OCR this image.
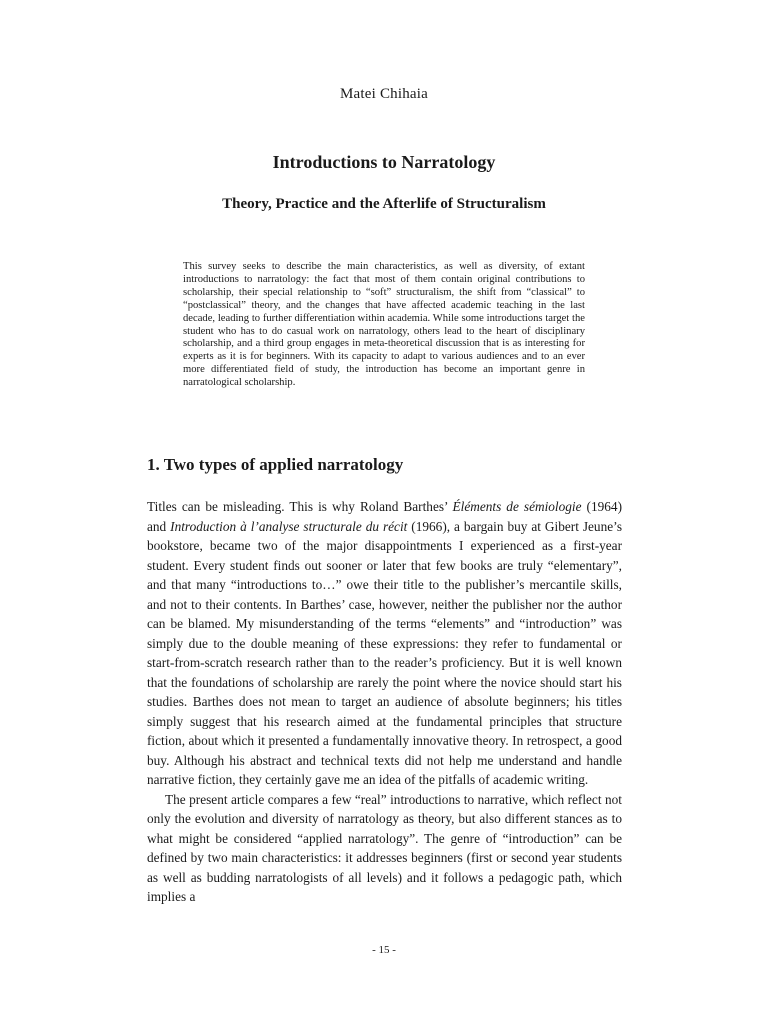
Matei Chihaia
Introductions to Narratology
Theory, Practice and the Afterlife of Structuralism
This survey seeks to describe the main characteristics, as well as diversity, of extant introductions to narratology: the fact that most of them contain original contributions to scholarship, their special relationship to “soft” structuralism, the shift from “classical” to “postclassical” theory, and the changes that have affected academic teaching in the last decade, leading to further differentiation within academia. While some introductions target the student who has to do casual work on narratology, others lead to the heart of disciplinary scholarship, and a third group engages in meta-theoretical discussion that is as interesting for experts as it is for beginners. With its capacity to adapt to various audiences and to an ever more differentiated field of study, the introduction has become an important genre in narratological scholarship.
1. Two types of applied narratology

Titles can be misleading. This is why Roland Barthes’ Éléments de sémiologie (1964) and Introduction à l’analyse structurale du récit (1966), a bargain buy at Gibert Jeune’s bookstore, became two of the major disappointments I experienced as a first-year student. Every student finds out sooner or later that few books are truly “elementary”, and that many “introductions to…” owe their title to the publisher’s mercantile skills, and not to their contents. In Barthes’ case, however, neither the publisher nor the author can be blamed. My misunderstanding of the terms “elements” and “introduction” was simply due to the double meaning of these expressions: they refer to fundamental or start-from-scratch research rather than to the reader’s proficiency. But it is well known that the foundations of scholarship are rarely the point where the novice should start his studies. Barthes does not mean to target an audience of absolute beginners; his titles simply suggest that his research aimed at the fundamental principles that structure fiction, about which it presented a fundamentally innovative theory. In retrospect, a good buy. Although his abstract and technical texts did not help me understand and handle narrative fiction, they certainly gave me an idea of the pitfalls of academic writing.

The present article compares a few “real” introductions to narrative, which reflect not only the evolution and diversity of narratology as theory, but also different stances as to what might be considered “applied narratology”. The genre of “introduction” can be defined by two main characteristics: it addresses beginners (first or second year students as well as budding narratologists of all levels) and it follows a pedagogic path, which implies a

- 15 -
